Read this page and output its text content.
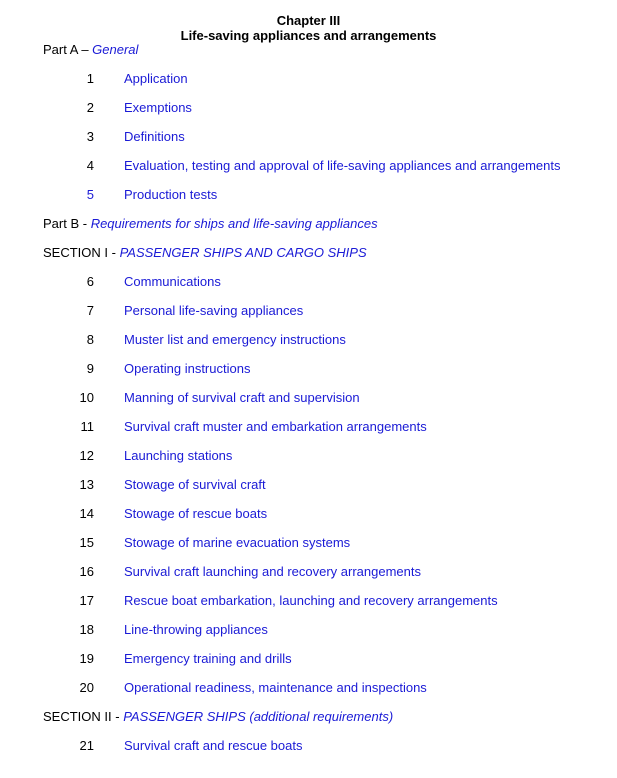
Chapter III
Life-saving appliances and arrangements
Part A – General
1 Application
2 Exemptions
3 Definitions
4 Evaluation, testing and approval of life-saving appliances and arrangements
5 Production tests
Part B - Requirements for ships and life-saving appliances
SECTION I - PASSENGER SHIPS AND CARGO SHIPS
6 Communications
7 Personal life-saving appliances
8 Muster list and emergency instructions
9 Operating instructions
10 Manning of survival craft and supervision
11 Survival craft muster and embarkation arrangements
12 Launching stations
13 Stowage of survival craft
14 Stowage of rescue boats
15 Stowage of marine evacuation systems
16 Survival craft launching and recovery arrangements
17 Rescue boat embarkation, launching and recovery arrangements
18 Line-throwing appliances
19 Emergency training and drills
20 Operational readiness, maintenance and inspections
SECTION II - PASSENGER SHIPS (additional requirements)
21 Survival craft and rescue boats
